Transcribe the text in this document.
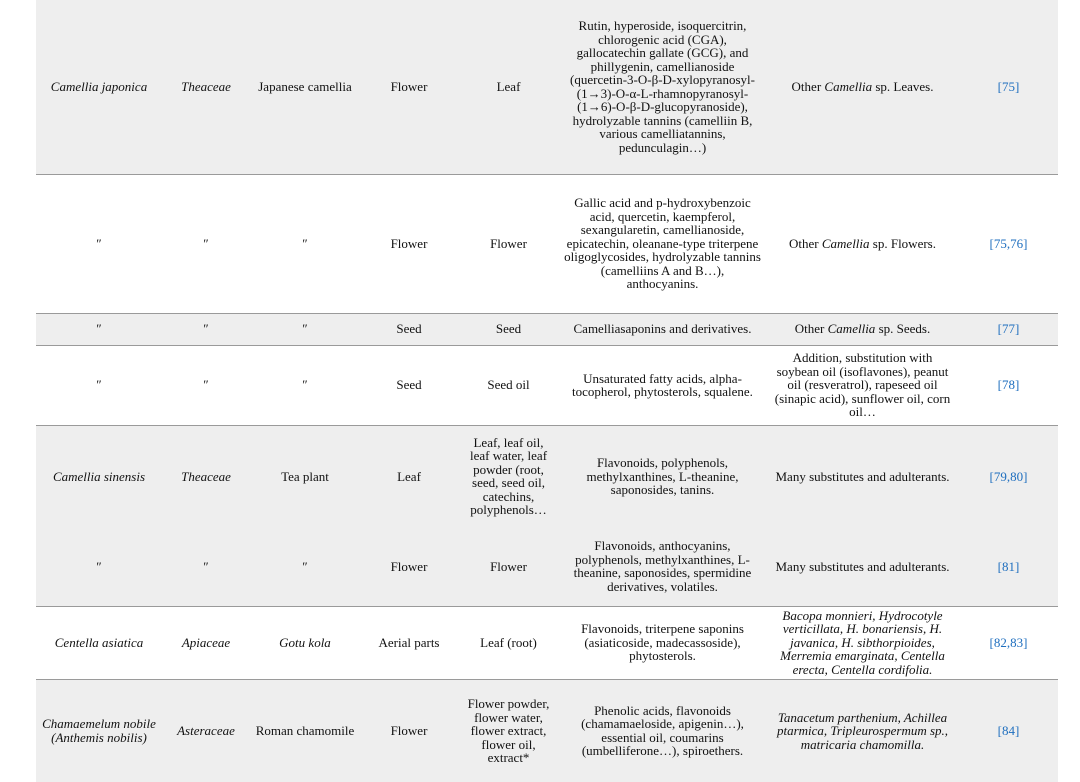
Camellia japonica	Theaceae	Japanese camellia	Flower	Leaf	Rutin, hyperoside, isoquercitrin, chlorogenic acid (CGA), gallocatechin gallate (GCG), and phillygenin, camellianoside (quercetin-3-O-β-D-xylopyranosyl-(1→3)-O-α-L-rhamnopyranosyl-(1→6)-O-β-D-glucopyranoside), hydrolyzable tannins (camelliin B, various camelliatannins, pedunculagin…)	Other Camellia sp. Leaves.	[75]
″	″	″	Flower	Flower	Gallic acid and p-hydroxybenzoic acid, quercetin, kaempferol, sexangularetin, camellianoside, epicatechin, oleanane-type triterpene oligoglycosides, hydrolyzable tannins (camelliins A and B…), anthocyanins.	Other Camellia sp. Flowers.	[75,76]
″	″	″	Seed	Seed	Camelliasaponins and derivatives.	Other Camellia sp. Seeds.	[77]
″	″	″	Seed	Seed oil	Unsaturated fatty acids, alpha-tocopherol, phytosterols, squalene.	Addition, substitution with soybean oil (isoflavones), peanut oil (resveratrol), rapeseed oil (sinapic acid), sunflower oil, corn oil…	[78]
Camellia sinensis	Theaceae	Tea plant	Leaf	Leaf, leaf oil, leaf water, leaf powder (root, seed, seed oil, catechins, polyphenols…	Flavonoids, polyphenols, methylxanthines, L-theanine, saponosides, tanins.	Many substitutes and adulterants.	[79,80]
″	″	″	Flower	Flower	Flavonoids, anthocyanins, polyphenols, methylxanthines, L-theanine, saponosides, spermidine derivatives, volatiles.	Many substitutes and adulterants.	[81]
Centella asiatica	Apiaceae	Gotu kola	Aerial parts	Leaf (root)	Flavonoids, triterpene saponins (asiaticoside, madecassoside), phytosterols.	Bacopa monnieri, Hydrocotyle verticillata, H. bonariensis, H. javanica, H. sibthorpioides, Merremia emarginata, Centella erecta, Centella cordifolia.	[82,83]
Chamaemelum nobile (Anthemis nobilis)	Asteraceae	Roman chamomile	Flower	Flower powder, flower water, flower extract, flower oil, extract*	Phenolic acids, flavonoids (chamamaeloside, apigenin…), essential oil, coumarins (umbelliferone…), spiroethers.	Tanacetum parthenium, Achillea ptarmica, Tripleurospermum sp., matricaria chamomilla.	[84]
